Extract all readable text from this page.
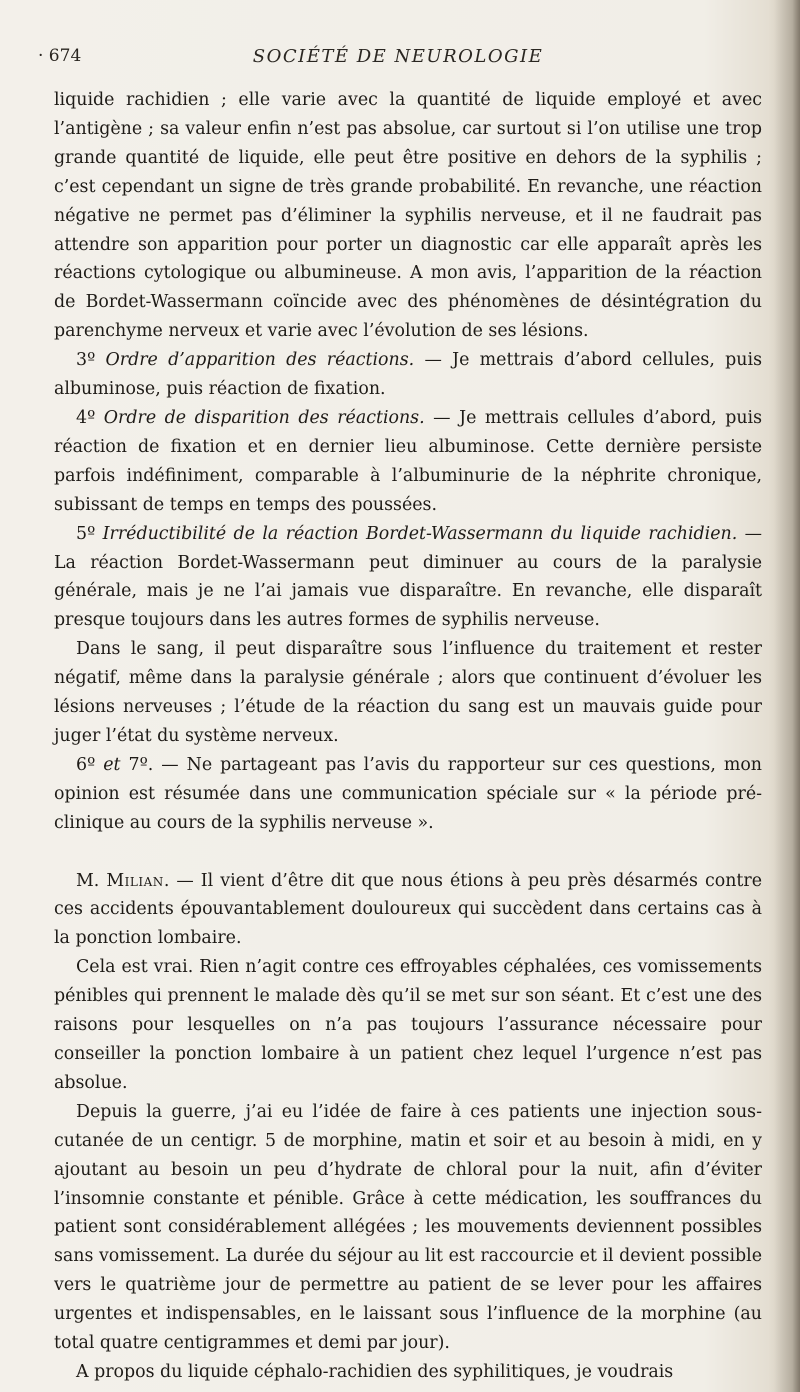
· 674	SOCIÉTÉ DE NEUROLOGIE

liquide rachidien ; elle varie avec la quantité de liquide employé et avec l’antigène ; sa valeur enfin n’est pas absolue, car surtout si l’on utilise une trop grande quantité de liquide, elle peut être positive en dehors de la syphilis ; c’est cependant un signe de très grande probabilité. En revanche, une réaction négative ne permet pas d’éliminer la syphilis nerveuse, et il ne faudrait pas attendre son apparition pour porter un diagnostic car elle apparaît après les réactions cytologique ou albumineuse. A mon avis, l’apparition de la réaction de Bordet-Wassermann coïncide avec des phénomènes de désintégration du parenchyme nerveux et varie avec l’évolution de ses lésions.

3º Ordre d’apparition des réactions. — Je mettrais d’abord cellules, puis albuminose, puis réaction de fixation.

4º Ordre de disparition des réactions. — Je mettrais cellules d’abord, puis réaction de fixation et en dernier lieu albuminose. Cette dernière persiste parfois indéfiniment, comparable à l’albuminurie de la néphrite chronique, subissant de temps en temps des poussées.

5º Irréductibilité de la réaction Bordet-Wassermann du liquide rachidien. — La réaction Bordet-Wassermann peut diminuer au cours de la paralysie générale, mais je ne l’ai jamais vue disparaître. En revanche, elle disparaît presque toujours dans les autres formes de syphilis nerveuse.

Dans le sang, il peut disparaître sous l’influence du traitement et rester négatif, même dans la paralysie générale ; alors que continuent d’évoluer les lésions nerveuses ; l’étude de la réaction du sang est un mauvais guide pour juger l’état du système nerveux.

6º et 7º. — Ne partageant pas l’avis du rapporteur sur ces questions, mon opinion est résumée dans une communication spéciale sur « la période pré-clinique au cours de la syphilis nerveuse ».

M. Milian. — Il vient d’être dit que nous étions à peu près désarmés contre ces accidents épouvantablement douloureux qui succèdent dans certains cas à la ponction lombaire.

Cela est vrai. Rien n’agit contre ces effroyables céphalées, ces vomissements pénibles qui prennent le malade dès qu’il se met sur son séant. Et c’est une des raisons pour lesquelles on n’a pas toujours l’assurance nécessaire pour conseiller la ponction lombaire à un patient chez lequel l’urgence n’est pas absolue.

Depuis la guerre, j’ai eu l’idée de faire à ces patients une injection sous-cutanée de un centigr. 5 de morphine, matin et soir et au besoin à midi, en y ajoutant au besoin un peu d’hydrate de chloral pour la nuit, afin d’éviter l’insomnie constante et pénible. Grâce à cette médication, les souffrances du patient sont considérablement allégées ; les mouvements deviennent possibles sans vomissement. La durée du séjour au lit est raccourcie et il devient possible vers le quatrième jour de permettre au patient de se lever pour les affaires urgentes et indispensables, en le laissant sous l’influence de la morphine (au total quatre centigrammes et demi par jour).

A propos du liquide céphalo-rachidien des syphilitiques, je voudrais
